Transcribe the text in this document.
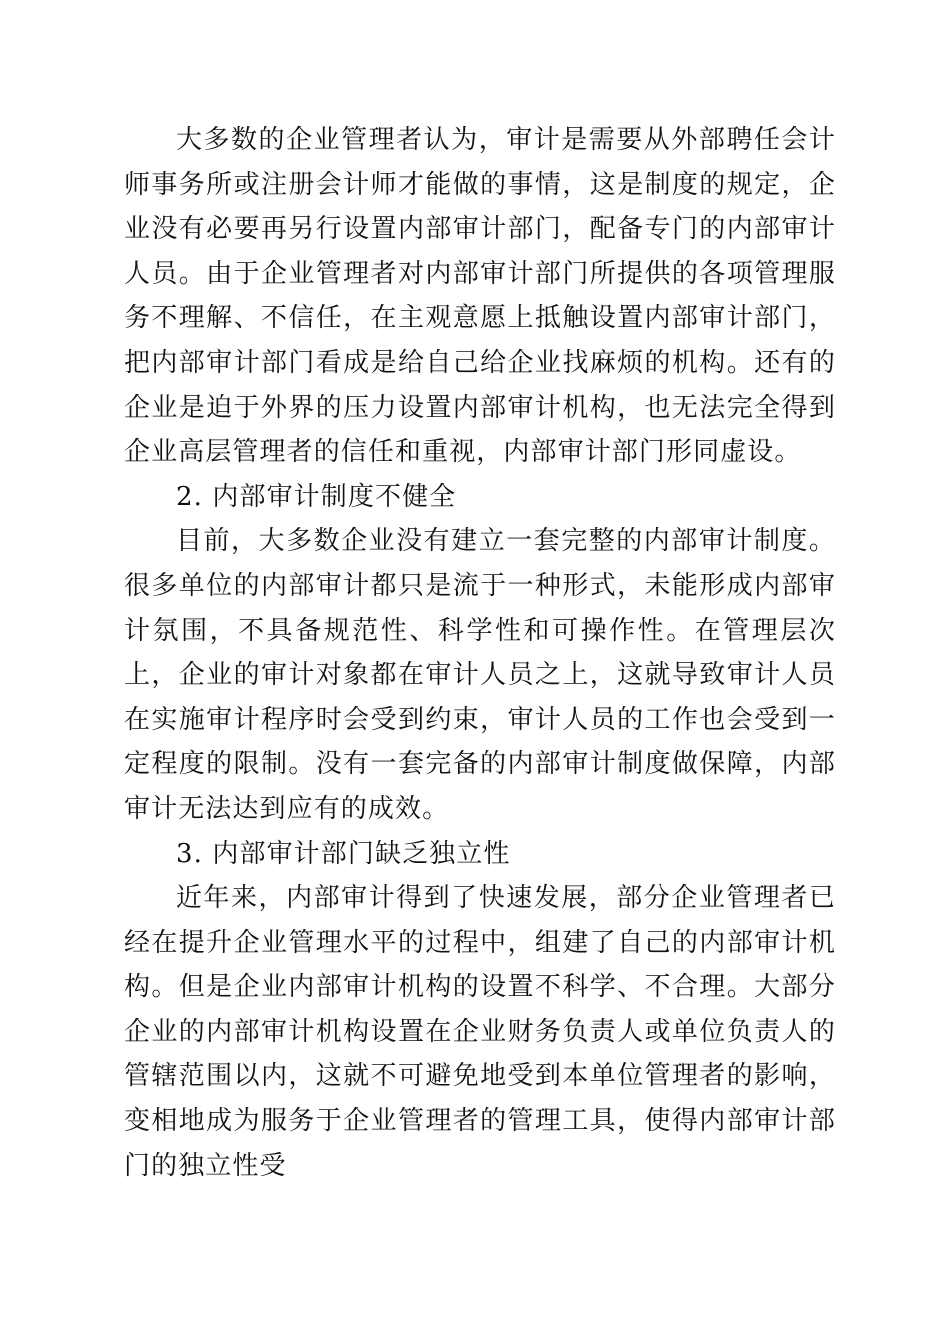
大多数的企业管理者认为，审计是需要从外部聘任会计师事务所或注册会计师才能做的事情，这是制度的规定，企业没有必要再另行设置内部审计部门，配备专门的内部审计人员。由于企业管理者对内部审计部门所提供的各项管理服务不理解、不信任，在主观意愿上抵触设置内部审计部门，把内部审计部门看成是给自己给企业找麻烦的机构。还有的企业是迫于外界的压力设置内部审计机构，也无法完全得到企业高层管理者的信任和重视，内部审计部门形同虚设。

2. 内部审计制度不健全

目前，大多数企业没有建立一套完整的内部审计制度。很多单位的内部审计都只是流于一种形式，未能形成内部审计氛围，不具备规范性、科学性和可操作性。在管理层次上，企业的审计对象都在审计人员之上，这就导致审计人员在实施审计程序时会受到约束，审计人员的工作也会受到一定程度的限制。没有一套完备的内部审计制度做保障，内部审计无法达到应有的成效。

3. 内部审计部门缺乏独立性

近年来，内部审计得到了快速发展，部分企业管理者已经在提升企业管理水平的过程中，组建了自己的内部审计机构。但是企业内部审计机构的设置不科学、不合理。大部分企业的内部审计机构设置在企业财务负责人或单位负责人的管辖范围以内，这就不可避免地受到本单位管理者的影响，变相地成为服务于企业管理者的管理工具，使得内部审计部门的独立性受
